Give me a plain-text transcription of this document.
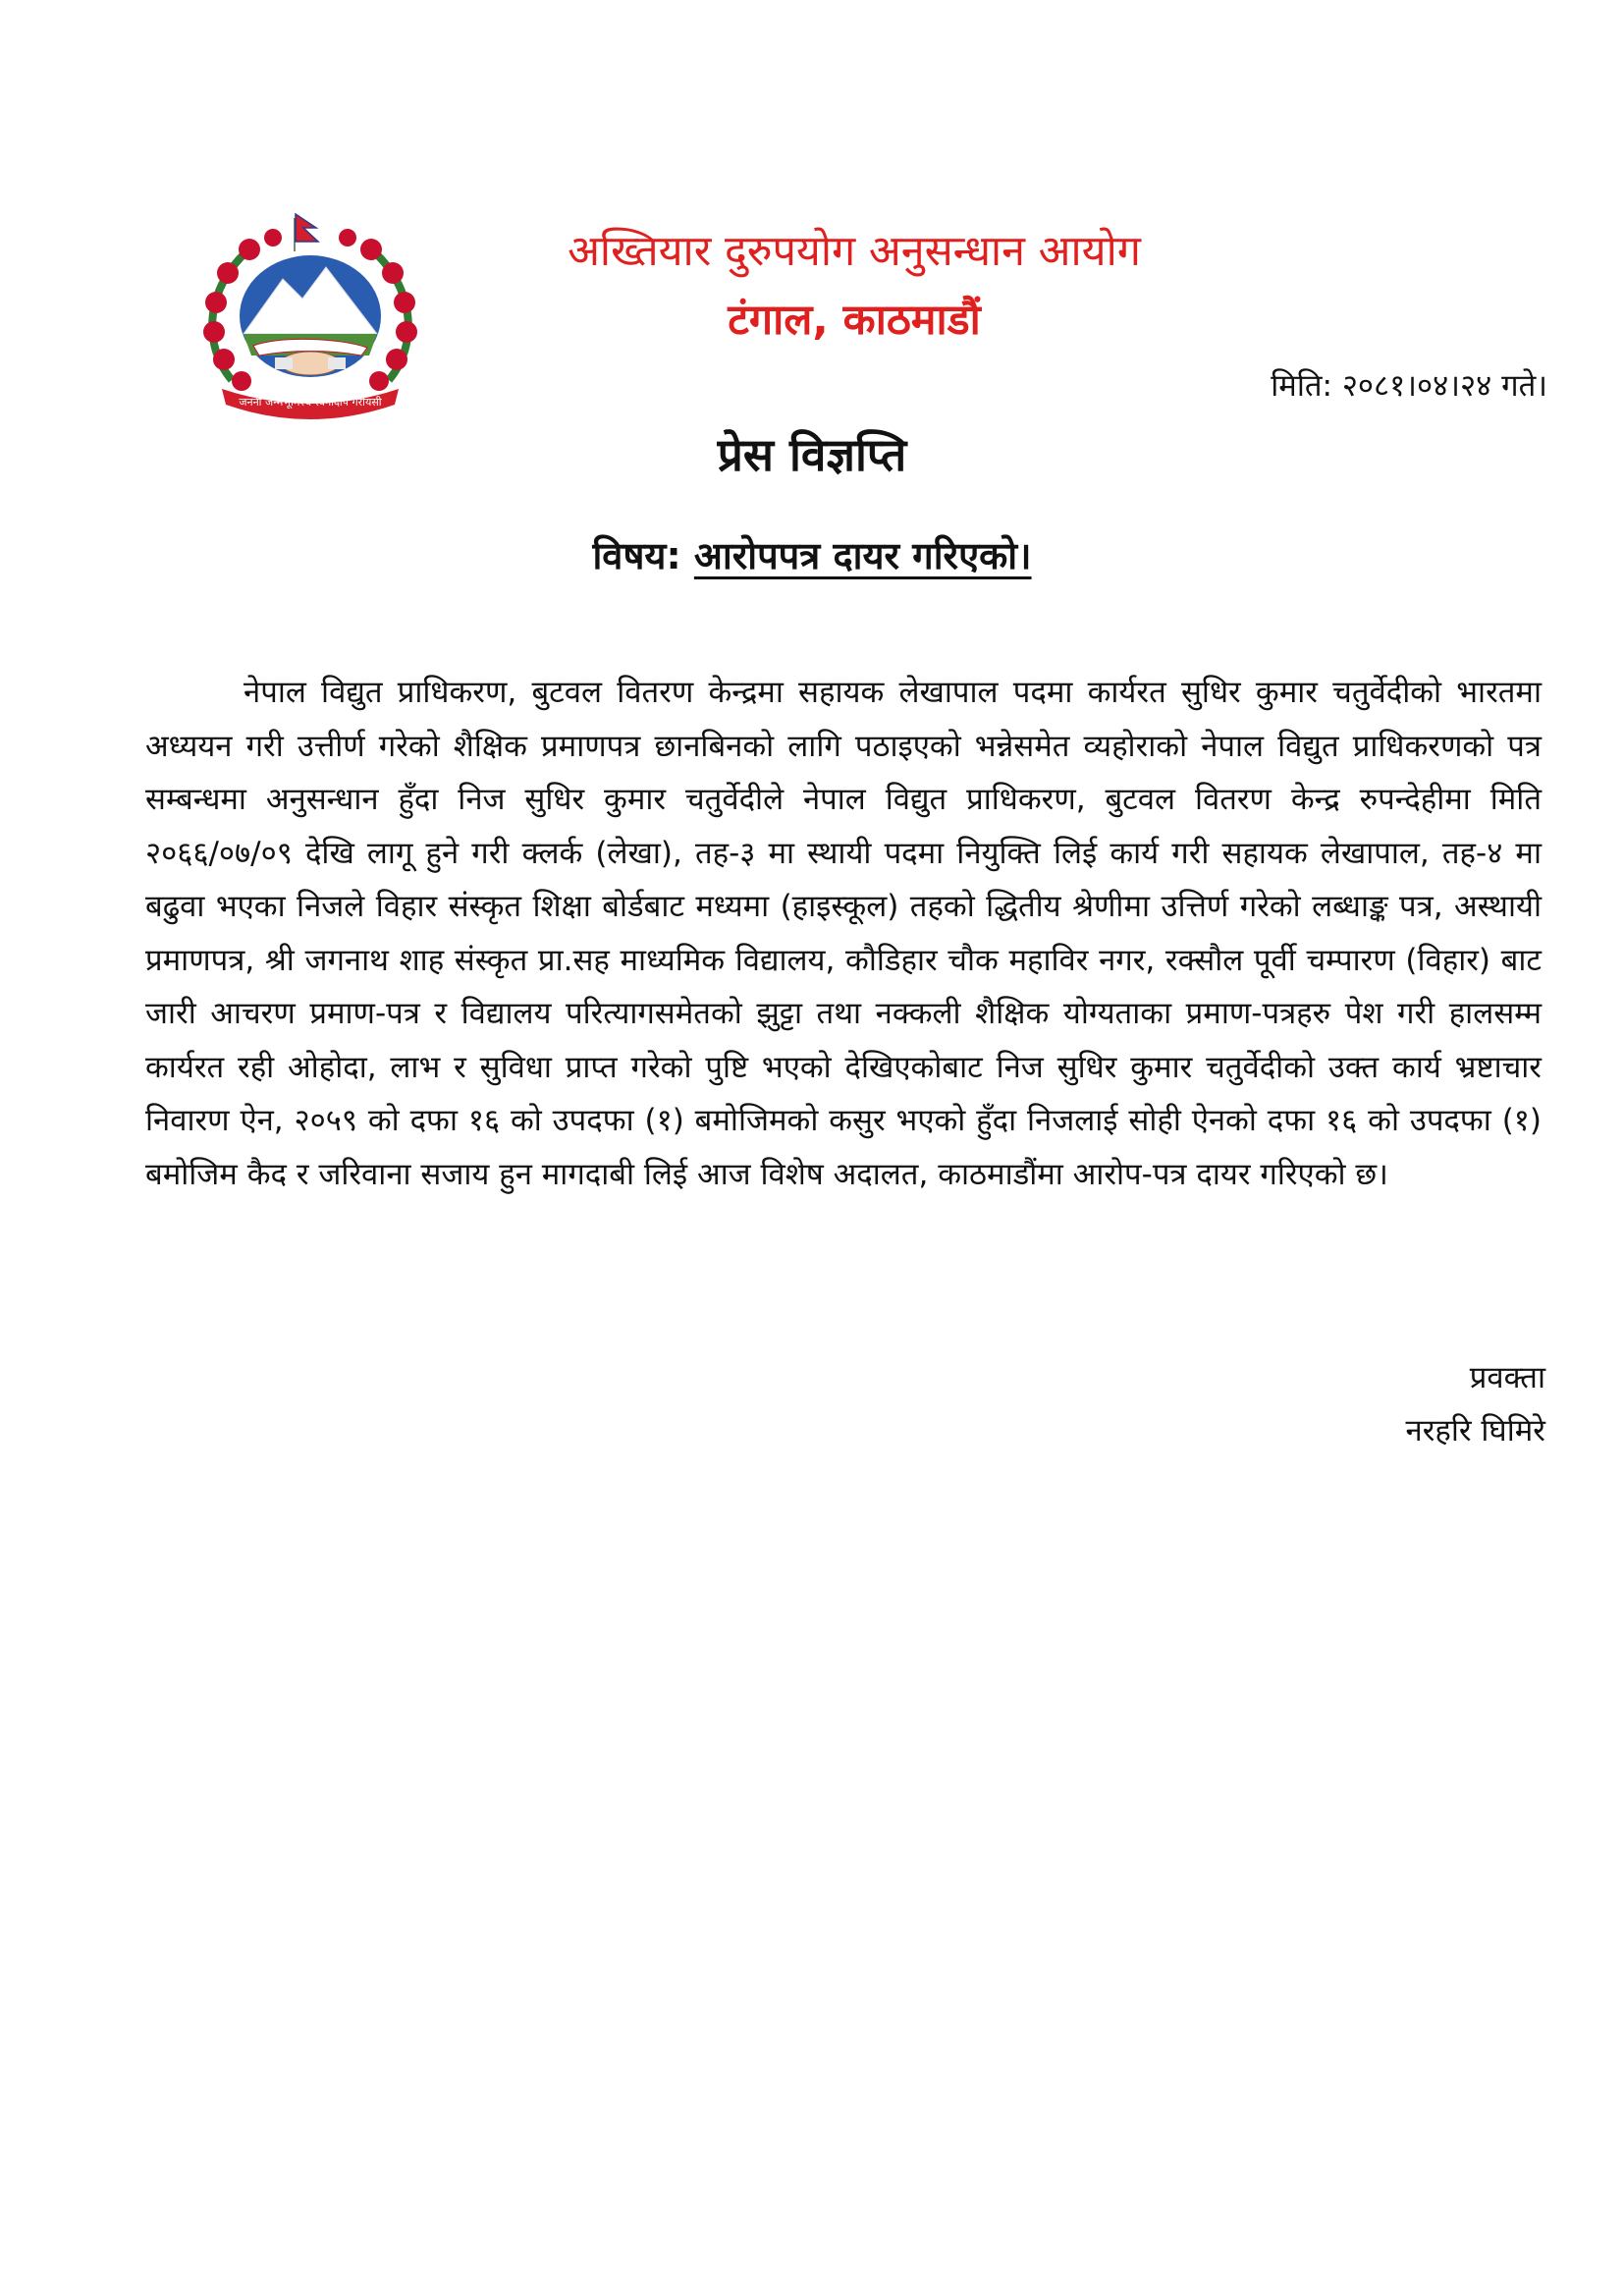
जननी जन्मभूमिश्च स्वर्गादपि गरीयसी
अख्तियार दुरुपयोग अनुसन्धान आयोग
टंगाल, काठमाडौं
मिति: २०८१।०४।२४ गते।
प्रेस विज्ञप्ति
विषय: आरोपपत्र दायर गरिएको।

नेपाल विद्युत प्राधिकरण, बुटवल वितरण केन्द्रमा सहायक लेखापाल पदमा कार्यरत सुधिर कुमार चतुर्वेदीको भारतमा अध्ययन गरी उत्तीर्ण गरेको शैक्षिक प्रमाणपत्र छानबिनको लागि पठाइएको भन्नेसमेत व्यहोराको नेपाल विद्युत प्राधिकरणको पत्र सम्बन्धमा अनुसन्धान हुँदा निज सुधिर कुमार चतुर्वेदीले नेपाल विद्युत प्राधिकरण, बुटवल वितरण केन्द्र रुपन्देहीमा मिति २०६६/०७/०९ देखि लागू हुने गरी क्लर्क (लेखा), तह-३ मा स्थायी पदमा नियुक्ति लिई कार्य गरी सहायक लेखापाल, तह-४ मा बढुवा भएका निजले विहार संस्कृत शिक्षा बोर्डबाट मध्यमा (हाइस्कूल) तहको द्धितीय श्रेणीमा उत्तिर्ण गरेको लब्धाङ्क पत्र, अस्थायी प्रमाणपत्र, श्री जगनाथ शाह संस्कृत प्रा.सह माध्यमिक विद्यालय, कौडिहार चौक महाविर नगर, रक्सौल पूर्वी चम्पारण (विहार) बाट जारी आचरण प्रमाण-पत्र र विद्यालय परित्यागसमेतको झुट्टा तथा नक्कली शैक्षिक योग्यताका प्रमाण-पत्रहरु पेश गरी हालसम्म कार्यरत रही ओहोदा, लाभ र सुविधा प्राप्त गरेको पुष्टि भएको देखिएकोबाट निज सुधिर कुमार चतुर्वेदीको उक्त कार्य भ्रष्टाचार निवारण ऐन, २०५९ को दफा १६ को उपदफा (१) बमोजिमको कसुर भएको हुँदा निजलाई सोही ऐनको दफा १६ को उपदफा (१) बमोजिम कैद र जरिवाना सजाय हुन मागदाबी लिई आज विशेष अदालत, काठमाडौंमा आरोप-पत्र दायर गरिएको छ।

प्रवक्ता
नरहरि घिमिरे
